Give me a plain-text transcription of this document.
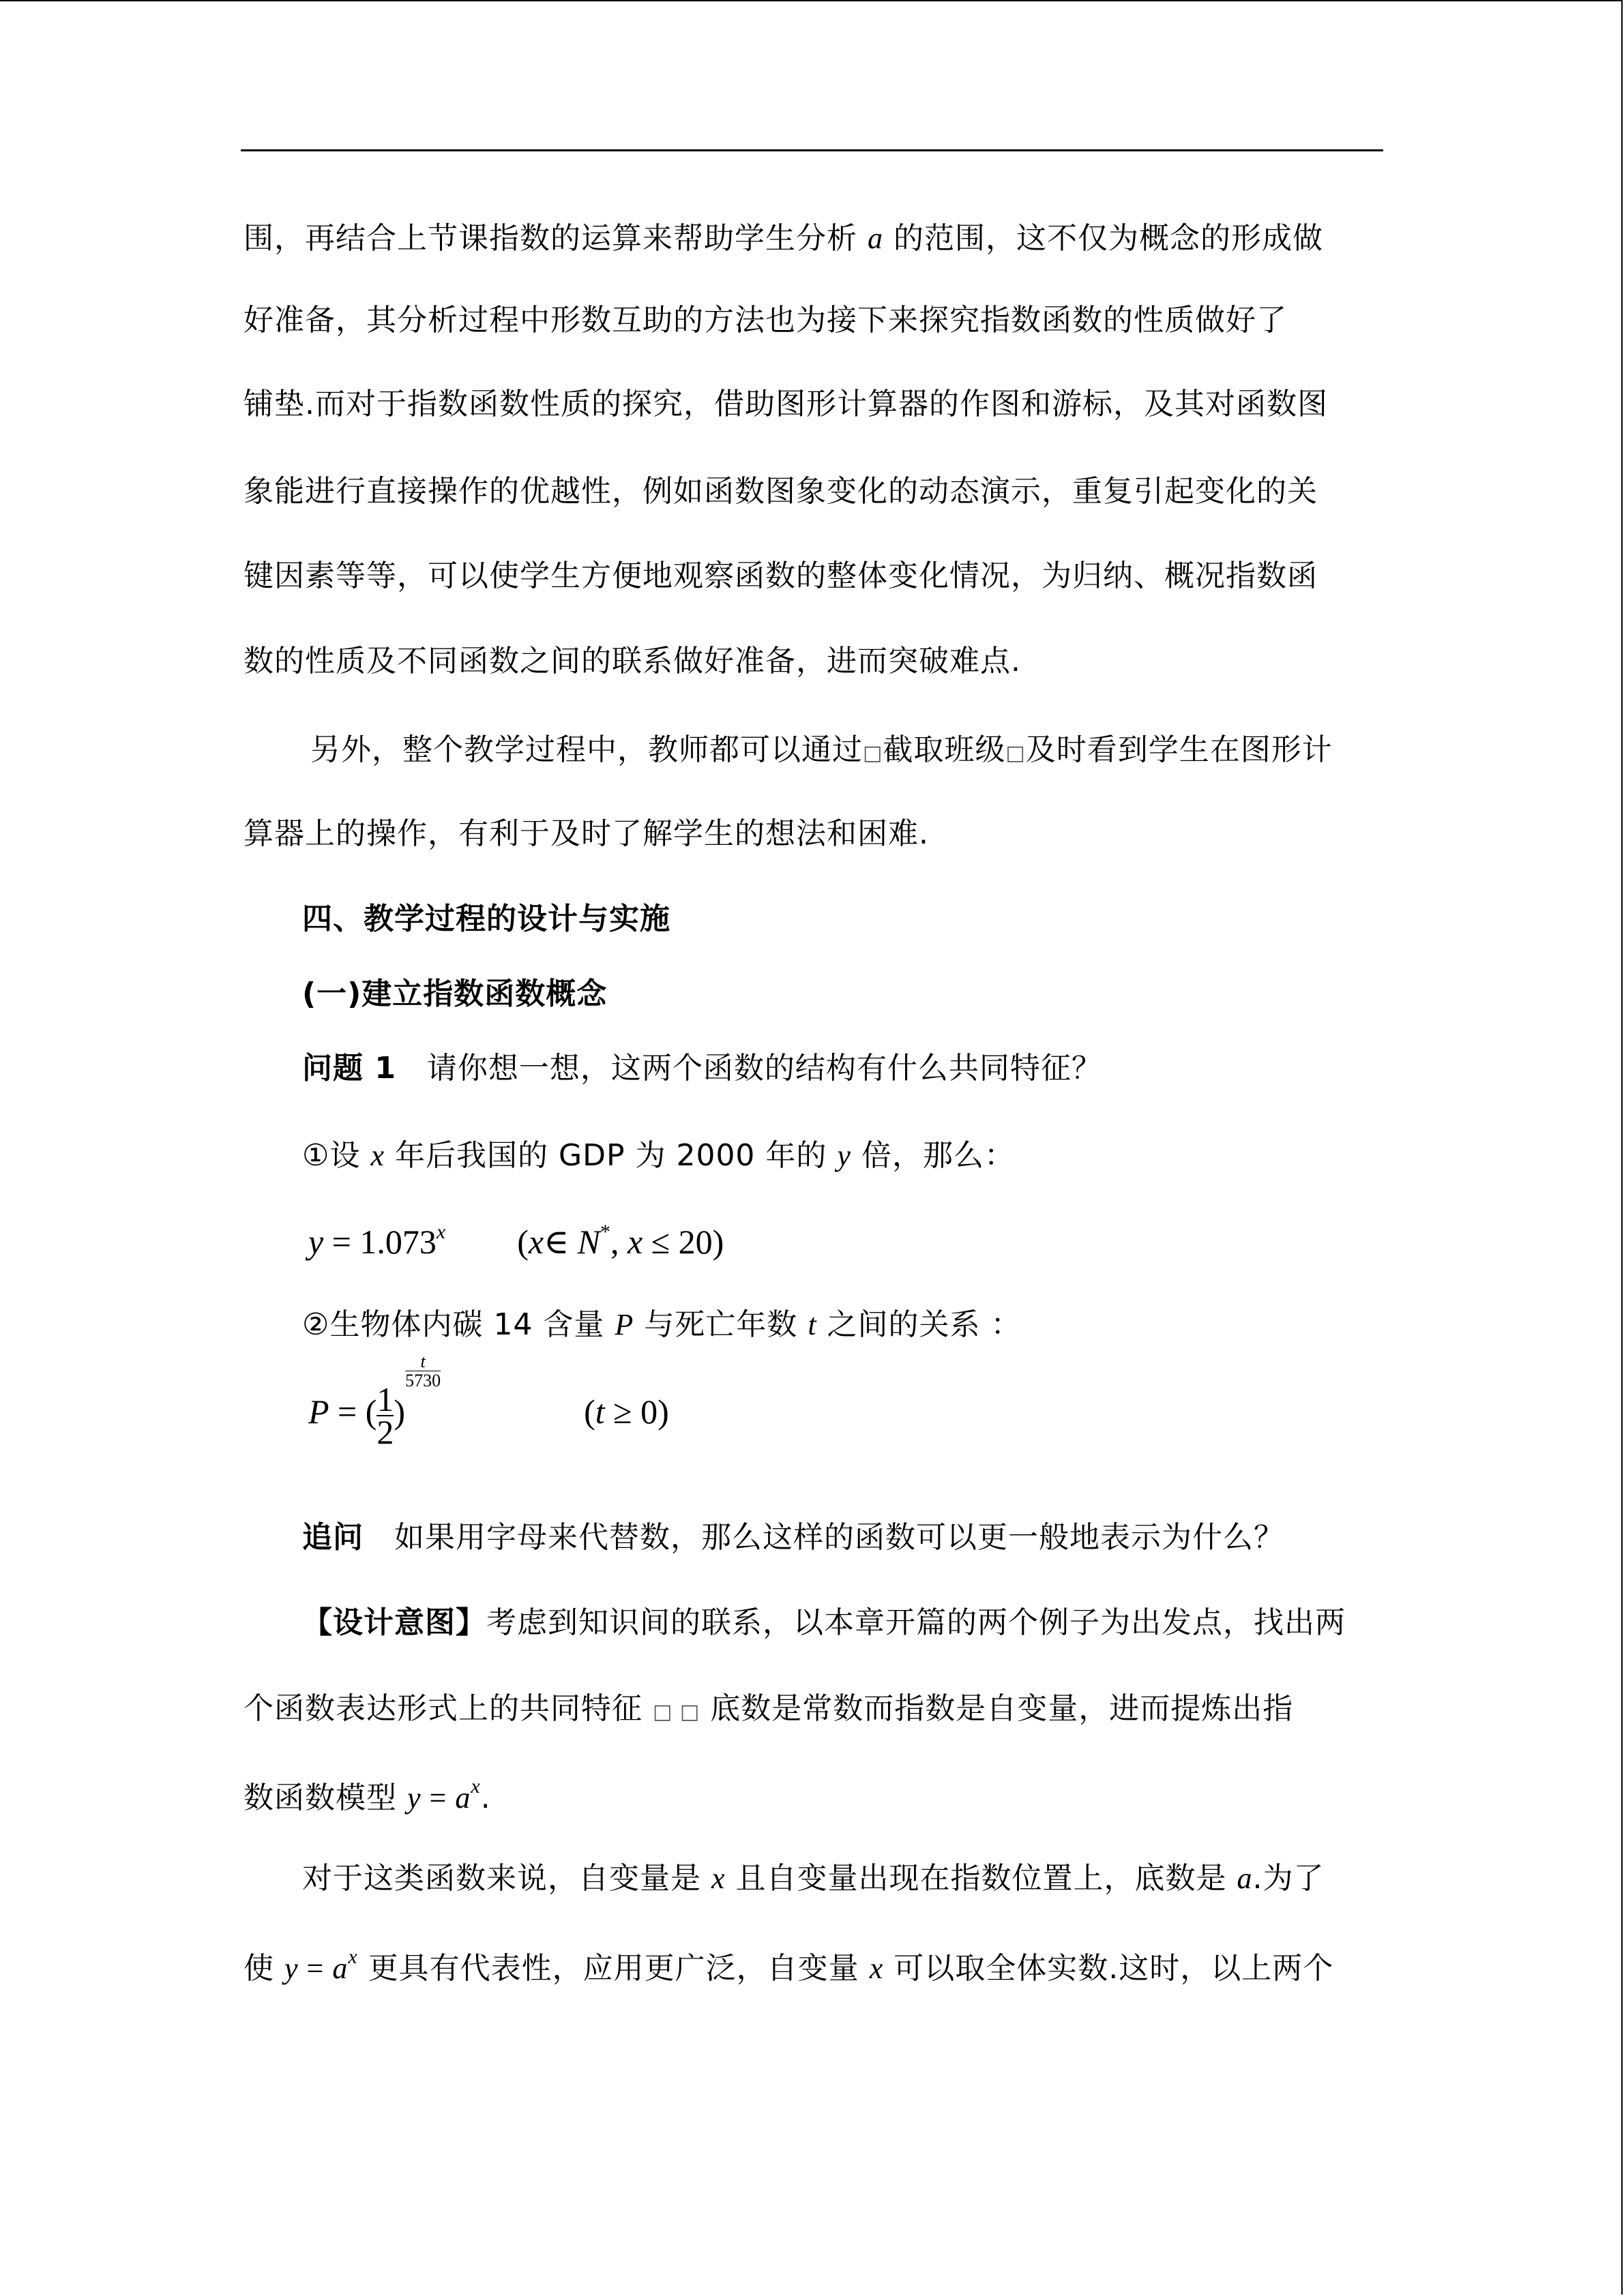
围，再结合上节课指数的运算来帮助学生分析 a 的范围，这不仅为概念的形成做
好准备，其分析过程中形数互助的方法也为接下来探究指数函数的性质做好了
铺垫.而对于指数函数性质的探究，借助图形计算器的作图和游标，及其对函数图
象能进行直接操作的优越性，例如函数图象变化的动态演示，重复引起变化的关
键因素等等，可以使学生方便地观察函数的整体变化情况，为归纳、概况指数函
数的性质及不同函数之间的联系做好准备，进而突破难点.
另外，整个教学过程中，教师都可以通过□截取班级□及时看到学生在图形计
算器上的操作，有利于及时了解学生的想法和困难.
四、教学过程的设计与实施
(一)建立指数函数概念
问题 1 请你想一想，这两个函数的结构有什么共同特征？
①设 x 年后我国的 GDP 为 2000 年的 y 倍，那么：
$y = 1.073^x$ (x∈ N*, x ≤ 20)
②生物体内碳 14 含量 P 与死亡年数 t 之间的关系 ：
P = ( $\frac{1}{2}$ )
$\frac{t}{5730}$
(t ≥ 0)
追问 如果用字母来代替数，那么这样的函数可以更一般地表示为什么？
【设计意图】考虑到知识间的联系，以本章开篇的两个例子为出发点，找出两
个函数表达形式上的共同特征 □ □ 底数是常数而指数是自变量，进而提炼出指
数函数模型 $y = a^x$.
对于这类函数来说，自变量是 x 且自变量出现在指数位置上，底数是 a.为了
使 $y = a^x$ 更具有代表性，应用更广泛，自变量 x 可以取全体实数.这时，以上两个
